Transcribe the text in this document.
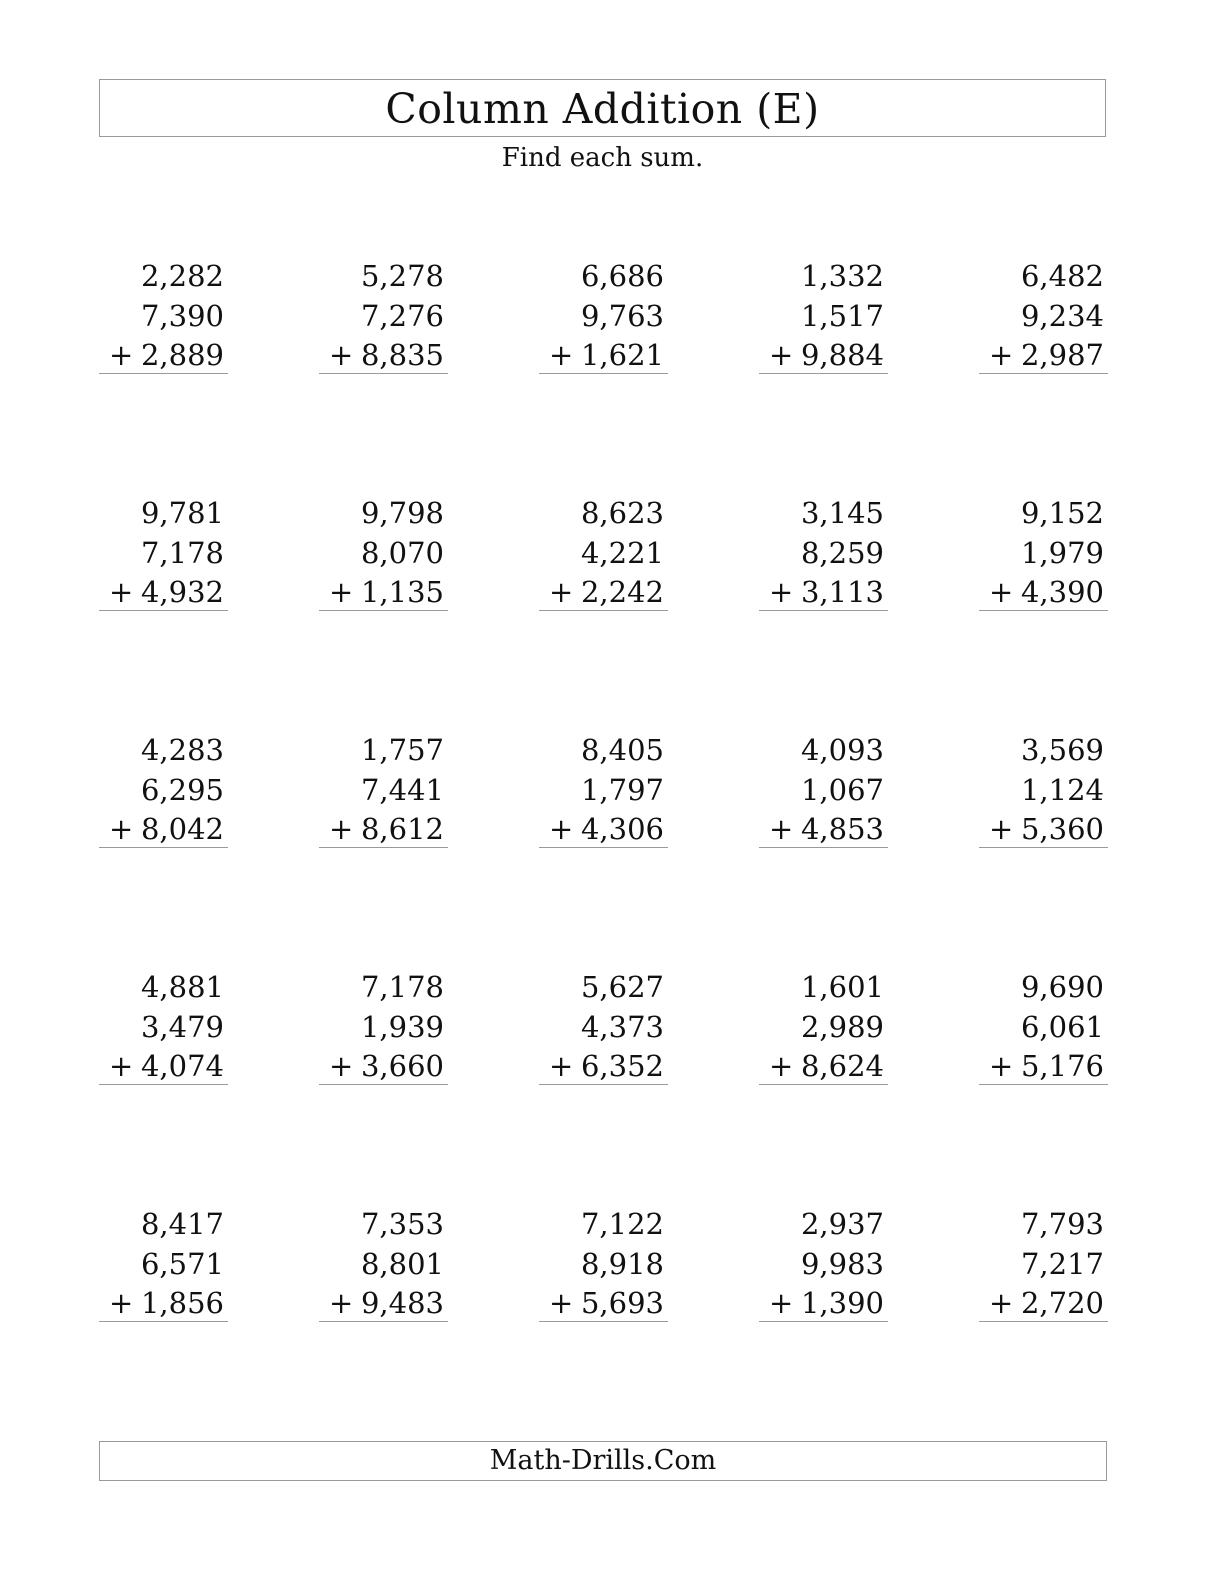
Column Addition (E)
Find each sum.
2,282
7,390
+ 2,889
5,278
7,276
+ 8,835
6,686
9,763
+ 1,621
1,332
1,517
+ 9,884
6,482
9,234
+ 2,987
9,781
7,178
+ 4,932
9,798
8,070
+ 1,135
8,623
4,221
+ 2,242
3,145
8,259
+ 3,113
9,152
1,979
+ 4,390
4,283
6,295
+ 8,042
1,757
7,441
+ 8,612
8,405
1,797
+ 4,306
4,093
1,067
+ 4,853
3,569
1,124
+ 5,360
4,881
3,479
+ 4,074
7,178
1,939
+ 3,660
5,627
4,373
+ 6,352
1,601
2,989
+ 8,624
9,690
6,061
+ 5,176
8,417
6,571
+ 1,856
7,353
8,801
+ 9,483
7,122
8,918
+ 5,693
2,937
9,983
+ 1,390
7,793
7,217
+ 2,720
Math-Drills.Com
